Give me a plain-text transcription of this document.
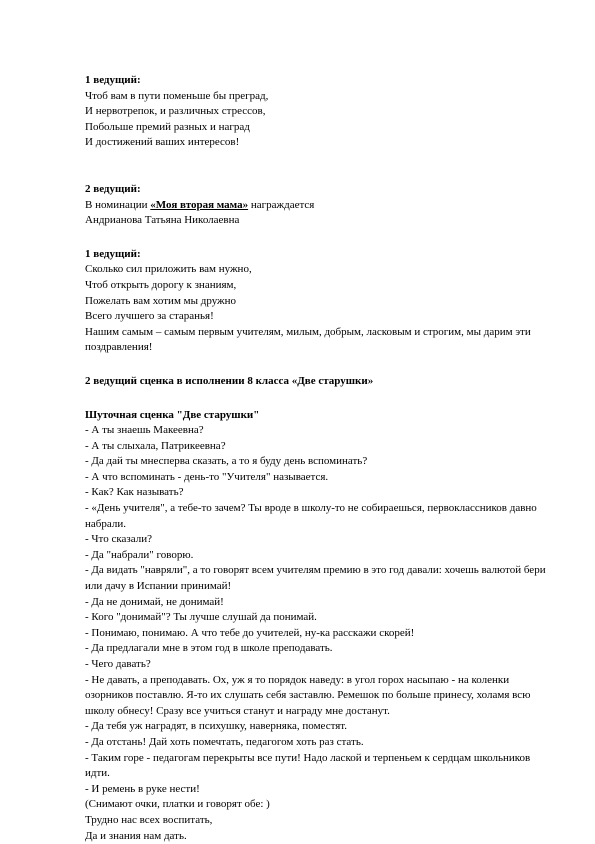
1 ведущий:
Чтоб вам в пути поменьше бы преград,
И нервотрепок, и различных стрессов,
Побольше премий разных и наград
И достижений ваших интересов!
2 ведущий:
В номинации «Моя вторая мама» награждается
Андрианова Татьяна Николаевна
1 ведущий:
Сколько сил приложить вам нужно,
Чтоб открыть дорогу к знаниям,
Пожелать вам хотим мы дружно
Всего лучшего за старанья!
Нашим самым – самым первым учителям, милым, добрым, ласковым и строгим, мы дарим эти поздравления!
2 ведущий сценка в исполнении 8 класса «Две старушки»
Шуточная сценка "Две старушки"
- А ты знаешь Макеевна?
- А ты слыхала, Патрикеевна?
- Да дай ты мнесперва сказать, а то я буду день вспоминать?
- А что вспоминать - день-то "Учителя" называется.
- Как? Как называть?
- «День учителя", а тебе-то зачем? Ты вроде в школу-то не собираешься, первоклассников давно набрали.
- Что сказали?
- Да "набрали" говорю.
- Да видать "навряли", а то говорят всем учителям премию в это год давали: хочешь валютой бери или дачу в Испании принимай!
- Да не донимай, не донимай!
- Кого "донимай"? Ты лучше слушай да понимай.
- Понимаю, понимаю. А что тебе до учителей, ну-ка расскажи скорей!
- Да предлагали мне в этом год в школе преподавать.
- Чего давать?
- Не давать, а преподавать. Ох, уж я то порядок наведу: в угол горох насыпаю - на коленки озорников поставлю. Я-то их слушать себя заставлю. Ремешок по больше принесу, холамя всю школу обнесу! Сразу все учиться станут и награду мне достанут.
- Да тебя уж наградят, в психушку, наверняка, поместят.
- Да отстань! Дай хоть помечтать, педагогом хоть раз стать.
- Таким горе - педагогам перекрыты все пути! Надо лаской и терпеньем к сердцам школьников идти.
- И ремень в руке нести!
(Снимают очки, платки и говорят обе: )
Трудно нас всех воспитать,
Да и знания нам дать.
